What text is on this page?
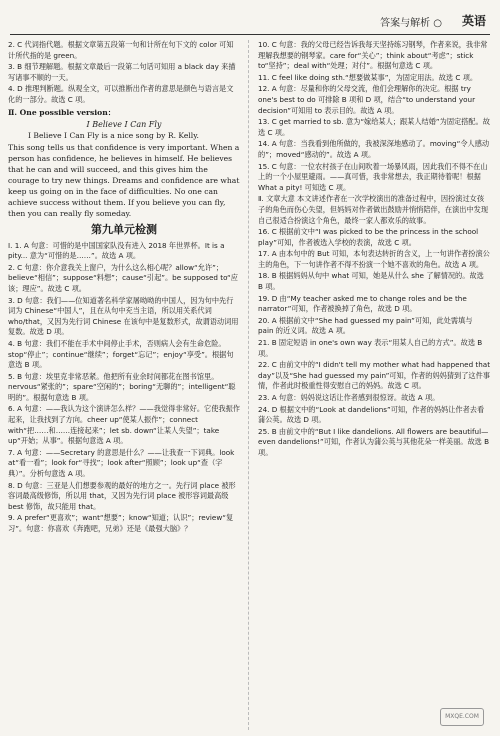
答案与解析 ○ 英语
2. C 代词指代题。根据文章第五段第一句和计所在句下文的 color 可知计所代指的是 green。
3. B 细节理解题。根据文章最后一段第二句话可知用 a black day 来描写诸事不顺的一天。
4. D 推理判断题。纵观全文，可以推断出作者的意思是颜色与语言是文化的一部分。故选 C 项。
Ⅱ. One possible version：
I Believe I Can Fly
I Believe I Can Fly is a nice song by R. Kelly.
This song tells us that confidence is very important. When a person has confidence, he believes in himself. He believes that he can and will succeed, and this gives him the courage to try new things. Dreams and confidence are what keep us going on in the face of difficulties. No one can achieve success without them. If you believe you can fly, then you can really fly someday.
第九单元检测
Ⅰ. 1. A 句意：可惜的是中国国家队没有进入 2018 年世界杯。It is a pity... 意为“可惜的是……”。故选 A 项。
2. C 句意：你介意我关上窗户，为什么这么相心呢？allow“允许”；believe“相信”；suppose“料想”；cause“引起”。be supposed to“应该；理应”。故选 C 项。
3. D 句意：我们——位知道著名科学家屠呦呦的中国人，因为句中先行词为 Chinese“中国人”，且在从句中充当主语，所以用关系代词 who/that，又因为先行词 Chinese 在该句中是复数形式，故谓语动词用复数。故选 D 项。
4. B 句意：我们不能在手术中间停止手术，否则病人会有生命危险。stop“停止”；continue“继续”；forget“忘记”；enjoy“享受”。根据句意选 B 项。
5. B 句意：埃里克非常恶紧。他把所有业余时间都花在图书馆里。nervous“紧张的”；spare“空闲的”；boring“无聊的”；intelligent“聪明的”。根据句意选 B 项。
6. A 句意：——我认为这个演讲怎么样？——我觉得非常好。它使我振作起来，让我找到了方向。cheer up“使某人振作”；connect with“把……和……连接起来”；let sb. down“让某人失望”；take up“开始；从事”。根据句意选 A 项。
7. A 句意：——Secretary 的意思是什么？——让我查一下词典。look at“看一看”；look for“寻找”；look after“照顾”；look up“查（字典）”。分析句意选 A 项。
8. D 句意：三亚是人们想要参观的最好的地方之一。先行词 place 被形容词最高级修饰，所以用 that，又因为先行词 place 被形容词最高级 best 修饰，故只能用 that。
9. A prefer“更喜欢”；want“想要”；know“知道；认识”；review“复习”。句意：你喜欢《奔跑吧，兄弟》还是《最强大脑》？
10. C 句意：我的父母已经告诉我每天坚持练习钢琴，作者来说，我非常理解我想要的钢琴家。care for“关心”；think about“考虑”；stick to“坚持”；deal with“处理；对付”。根据句意选 C 项。
11. C feel like doing sth.“想要做某事”，为固定用法。故选 C 项。
12. A 句意：尽量和你的父母交流，他们会理解你的决定。根据 try one's best to do 可排除 B 项和 D 项，结合“to understand your decision”可知用 to 表示目的。故选 A 项。
13. C get married to sb. 意为“嫁给某人；跟某人结婚”为固定搭配。故选 C 项。
14. A 句意：当我看到他所做的，我被深深地感动了。moving“令人感动的”；moved“感动的”。故选 A 项。
15. C 句意：一位农村孩子在山间吹着一场暴风雨，因此我们不得不在山上的一个小屋里避雨。——真可惜，我非常想去，我正期待着呢！根据 What a pity! 可知选 C 项。
Ⅱ. 文章大意 本文讲述作者在一次学校演出的准备过程中，因扮演过女孩子的角色而伤心失望，但妈妈对作者做出鼓励并悄悄陪伴，在演出中发现自己很适合扮演这个角色，最终一家人都欢乐的故事。
16. C 根据前文中“I was picked to be the princess in the school play”可知，作者被选入学校的表演，故选 C 项。
17. A 由本句中的 But 可知，本句表达转折的含义，上一句讲作者扮演公主的角色，下一句讲作者不得不扮演一个她不喜欢的角色。故选 A 项。
18. B 根据妈妈从句中 what 可知，她是从什么 she 了解情况的。故选 B 项。
19. D 由“My teacher asked me to change roles and be the narrator”可知，作者被换掉了角色，故选 D 项。
20. A 根据前文中“She had guessed my pain”可知，此处需填与 pain 的近义词。故选 A 项。
21. B 固定短语 in one's own way 表示“用某人自己的方式”。故选 B 项。
22. C 由前文中的“I didn't tell my mother what had happened that day”以及“She had guessed my pain”可知，作者的妈妈猜到了这件事情，作者此时极重性得安慰自己的妈妈。故选 C 项。
23. A 句意：妈妈说这话让作者感到很惊讶。故选 A 项。
24. D 根据文中的“Look at dandelions”可知，作者的妈妈让作者去看蒲公英。故选 D 项。
25. B 由前文中的“But I like dandelions. All flowers are beautiful—even dandelions!”可知，作者认为蒲公英与其他花朵一样美丽。故选 B 项。
MXQE.COM
